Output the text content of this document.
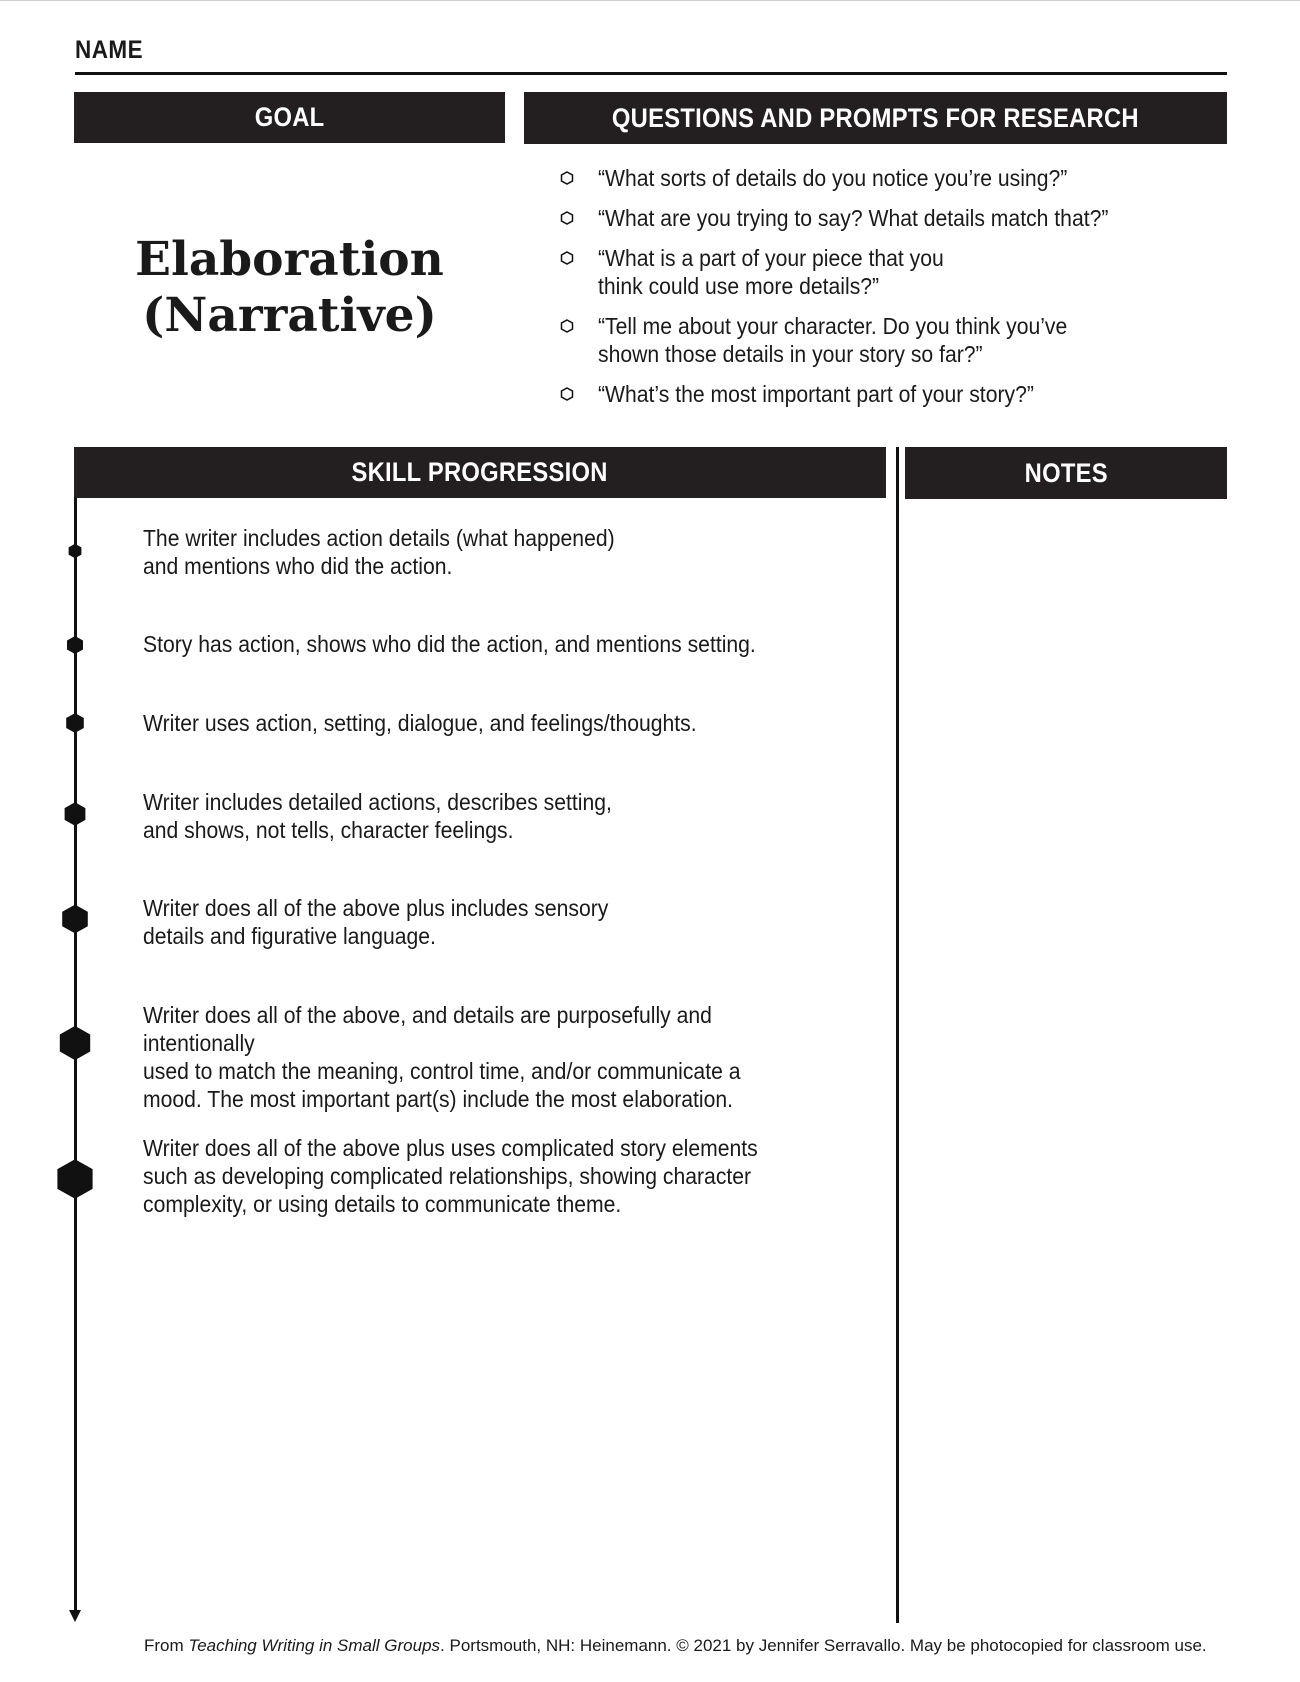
NAME
GOAL	QUESTIONS AND PROMPTS FOR RESEARCH
Elaboration
(Narrative)
“What sorts of details do you notice you’re using?”
“What are you trying to say? What details match that?”
“What is a part of your piece that you
think could use more details?”
“Tell me about your character. Do you think you’ve
shown those details in your story so far?”
“What’s the most important part of your story?”
SKILL PROGRESSION	NOTES
The writer includes action details (what happened)
and mentions who did the action.
Story has action, shows who did the action, and mentions setting.
Writer uses action, setting, dialogue, and feelings/thoughts.
Writer includes detailed actions, describes setting,
and shows, not tells, character feelings.
Writer does all of the above plus includes sensory
details and figurative language.
Writer does all of the above, and details are purposefully and intentionally
used to match the meaning, control time, and/or communicate a
mood. The most important part(s) include the most elaboration.
Writer does all of the above plus uses complicated story elements
such as developing complicated relationships, showing character
complexity, or using details to communicate theme.
From Teaching Writing in Small Groups. Portsmouth, NH: Heinemann. © 2021 by Jennifer Serravallo. May be photocopied for classroom use.
